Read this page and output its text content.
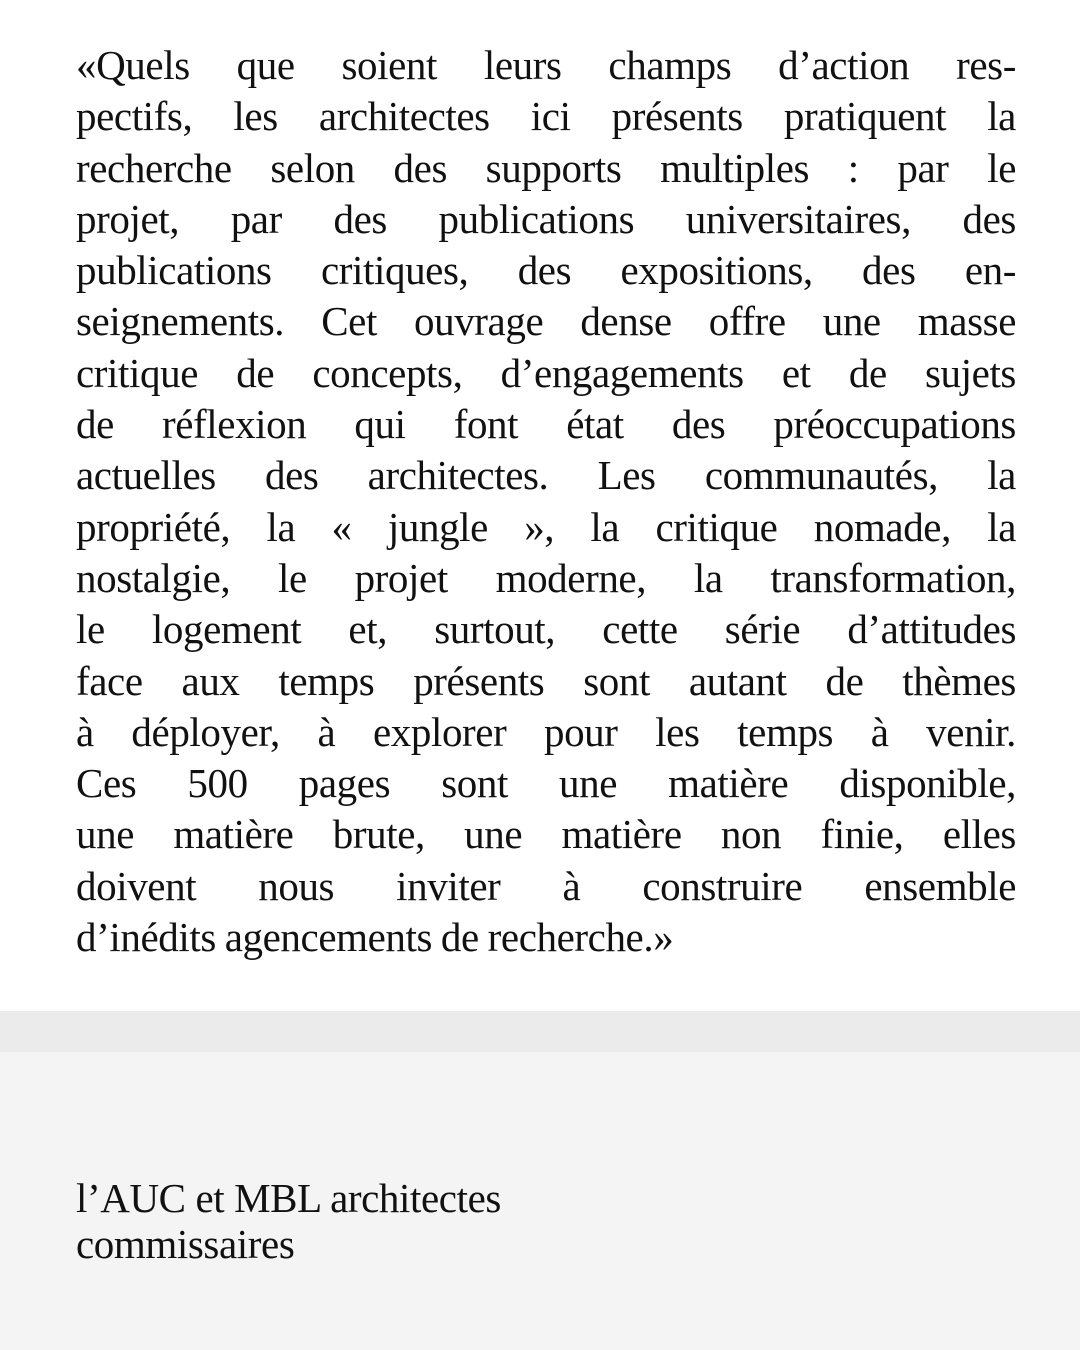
«Quels que soient leurs champs d’action res-
pectifs, les architectes ici présents pratiquent la
recherche selon des supports multiples : par le
projet, par des publications universitaires, des
publications critiques, des expositions, des en-
seignements. Cet ouvrage dense offre une masse
critique de concepts, d’engagements et de sujets
de réflexion qui font état des préoccupations
actuelles des architectes. Les communautés, la
propriété, la « jungle », la critique nomade, la
nostalgie, le projet moderne, la transformation,
le logement et, surtout, cette série d’attitudes
face aux temps présents sont autant de thèmes
à déployer, à explorer pour les temps à venir.
Ces 500 pages sont une matière disponible,
une matière brute, une matière non finie, elles
doivent nous inviter à construire ensemble
d’inédits agencements de recherche.»

l’AUC et MBL architectes
commissaires
